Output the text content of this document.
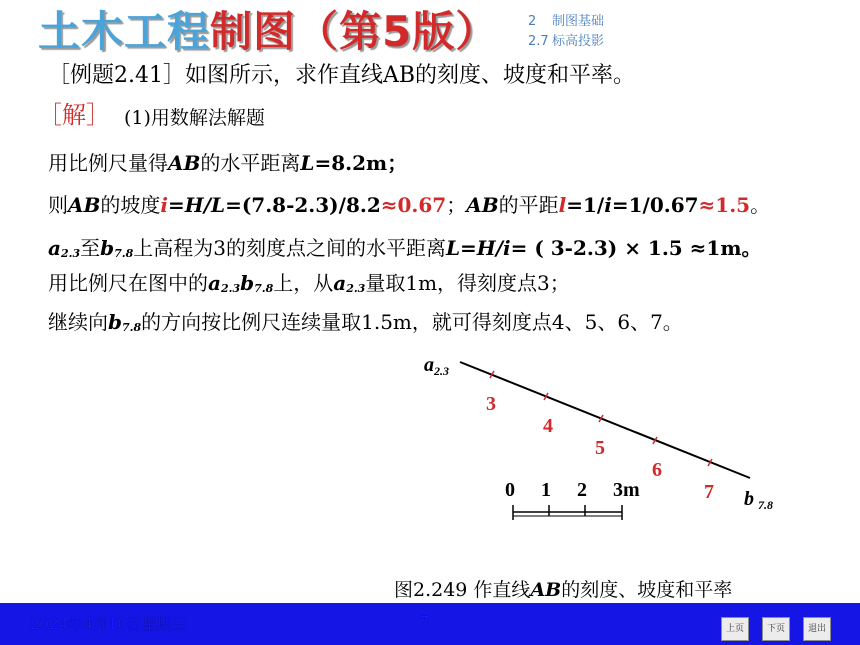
土木工程制图（第5版） 2 制图基础
2.7 标高投影
［例题2.41］如图所示，求作直线AB的刻度、坡度和平率。
［解］ (1)用数解法解题
用比例尺量得AB的水平距离L=8.2m；
则AB的坡度i=H/L=(7.8-2.3)/8.2≈0.67；AB的平距l=1/i=1/0.67≈1.5。
$a_{2.3}$至$b_{7.8}$上高程为3的刻度点之间的水平距离L=H/i= ( 3-2.3) × 1.5 ≈1m。
用比例尺在图中的$a_{2.3}b_{7.8}$上，从$a_{2.3}$量取1m，得刻度点3；
继续向$b_{7.8}$的方向按比例尺连续量取1.5m，就可得刻度点4、5、6、7。
$a_{2.3}$
b $_{7.8}$
3
4
5
6
7
0 1 2 3m
图2.249 作直线AB的刻度、坡度和平率
2024年4月10日星期三	7	上页	下页	退出
